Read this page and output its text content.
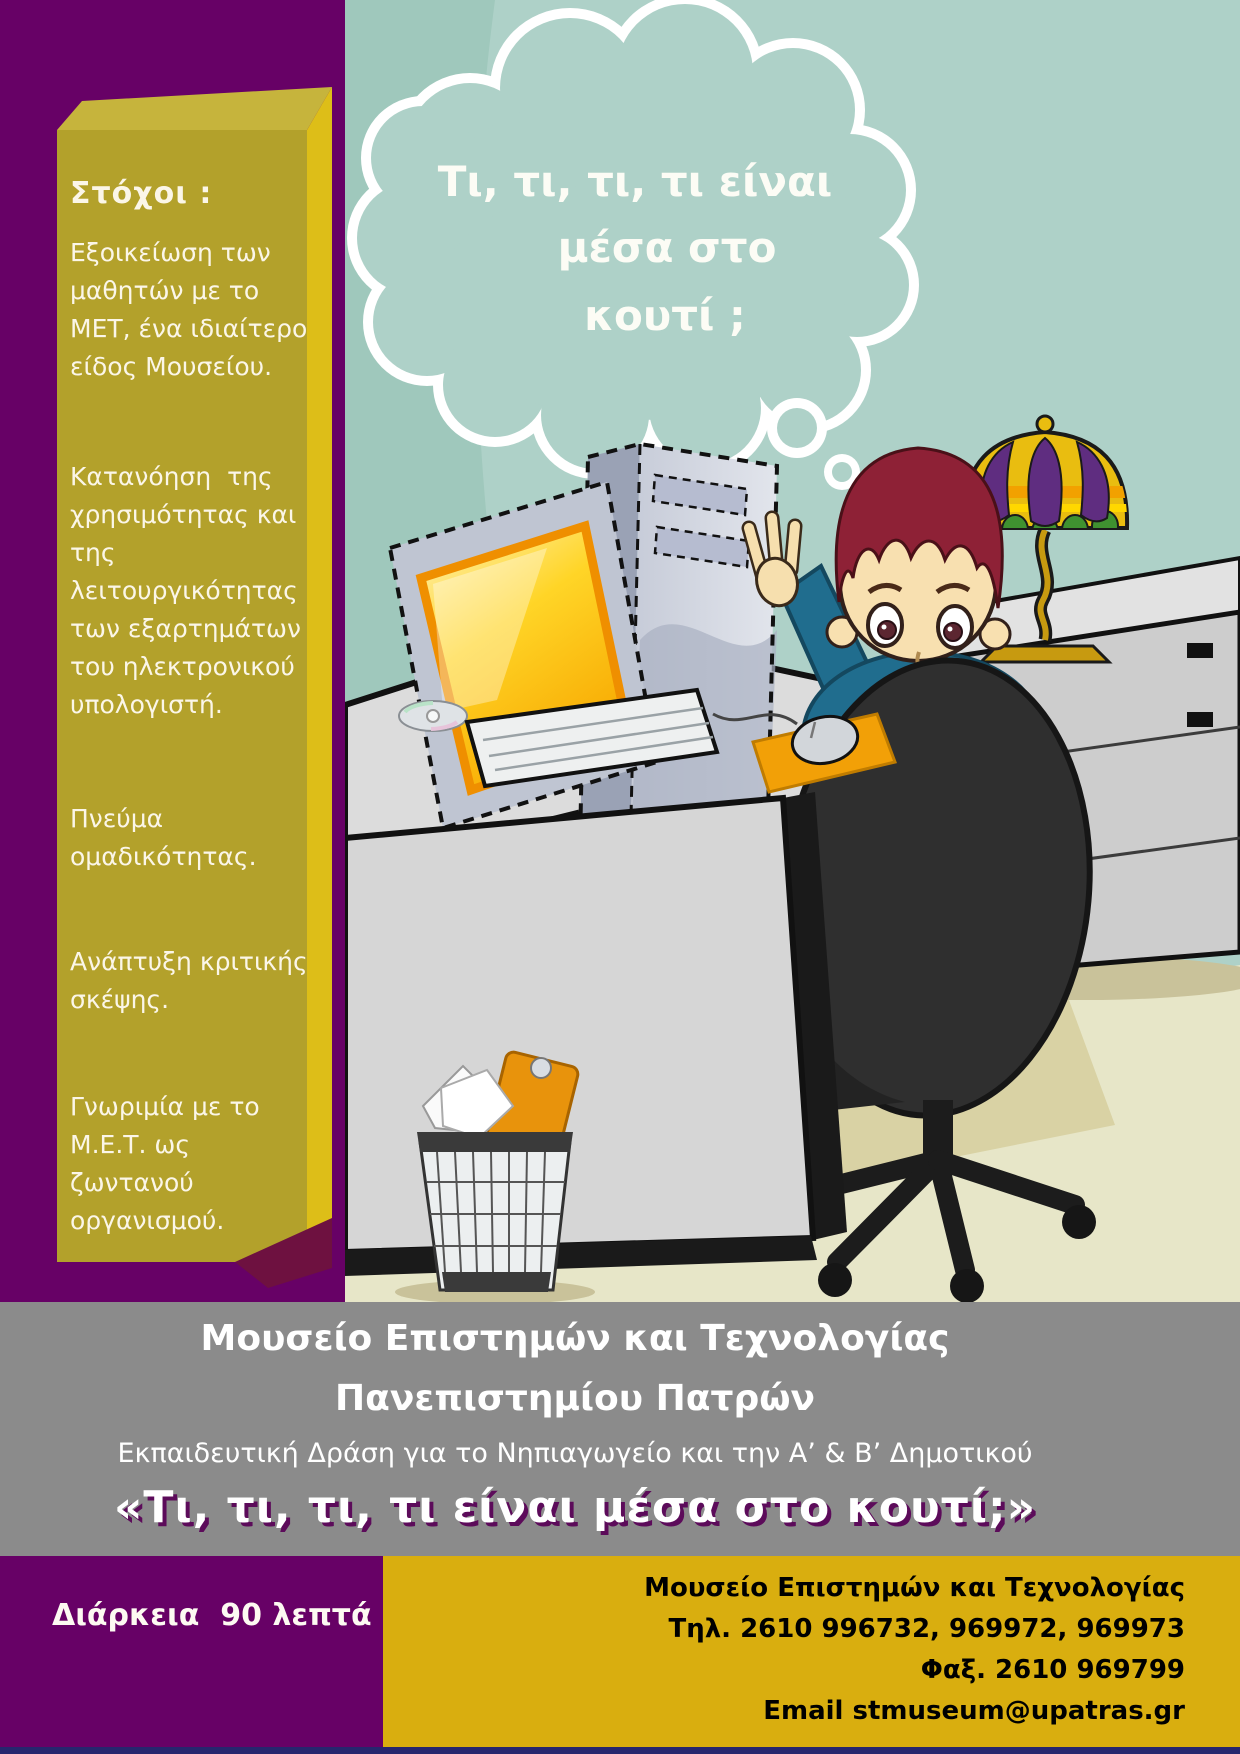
Στόχοι :
Εξοικείωση των μαθητών με το ΜΕΤ, ένα ιδιαίτερο είδος Μουσείου.
Κατανόηση  της χρησιμότητας και της λειτουργικότητας των εξαρτημάτων του ηλεκτρονικού υπολογιστή.
Πνεύμα ομαδικότητας.
Ανάπτυξη κριτικής σκέψης.
Γνωριμία με το Μ.Ε.Τ. ως ζωντανού οργανισμού.
Τι, τι, τι, τι είναι
μέσα στο
κουτί ;
Μουσείο Επιστημών και Τεχνολογίας
Πανεπιστημίου Πατρών
Εκπαιδευτική Δράση για το Νηπιαγωγείο και την Α’ & Β’ Δημοτικού
«Τι, τι, τι, τι είναι μέσα στο κουτί;»
Διάρκεια  90 λεπτά
Μουσείο Επιστημών και Τεχνολογίας
Τηλ. 2610 996732, 969972, 969973
Φαξ. 2610 969799
Email stmuseum@upatras.gr
